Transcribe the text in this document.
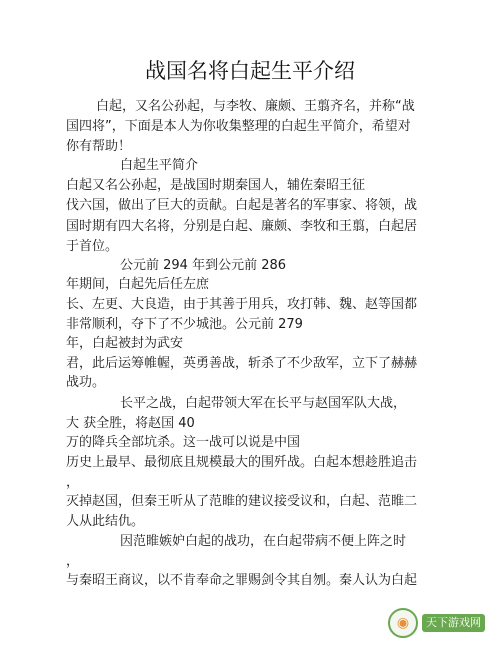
战国名将白起生平介绍
白起，又名公孙起，与李牧、廉颇、王翦齐名，并称“战
国四将”，下面是本人为你收集整理的白起生平简介，希望对
你有帮助！
白起生平简介
白起又名公孙起，是战国时期秦国人，辅佐秦昭王征
伐六国，做出了巨大的贡献。白起是著名的军事家、将领，战
国时期有四大名将，分别是白起、廉颇、李牧和王翦，白起居
于首位。
公元前 294 年到公元前 286
年期间，白起先后任左庶
长、左更、大良造，由于其善于用兵，攻打韩、魏、赵等国都
非常顺利，夺下了不少城池。公元前 279
年，白起被封为武安
君，此后运筹帷幄，英勇善战，斩杀了不少敌军，立下了赫赫
战功。
长平之战，白起带领大军在长平与赵国军队大战，
大 获全胜，将赵国 40
万的降兵全部坑杀。这一战可以说是中国
历史上最早、最彻底且规模最大的围歼战。白起本想趁胜追击
，
灭掉赵国，但秦王听从了范睢的建议接受议和，白起、范睢二
人从此结仇。
因范睢嫉妒白起的战功，在白起带病不便上阵之时
，
与秦昭王商议，以不肯奉命之罪赐剑令其自刎。秦人认为白起
◉	天下游戏网
